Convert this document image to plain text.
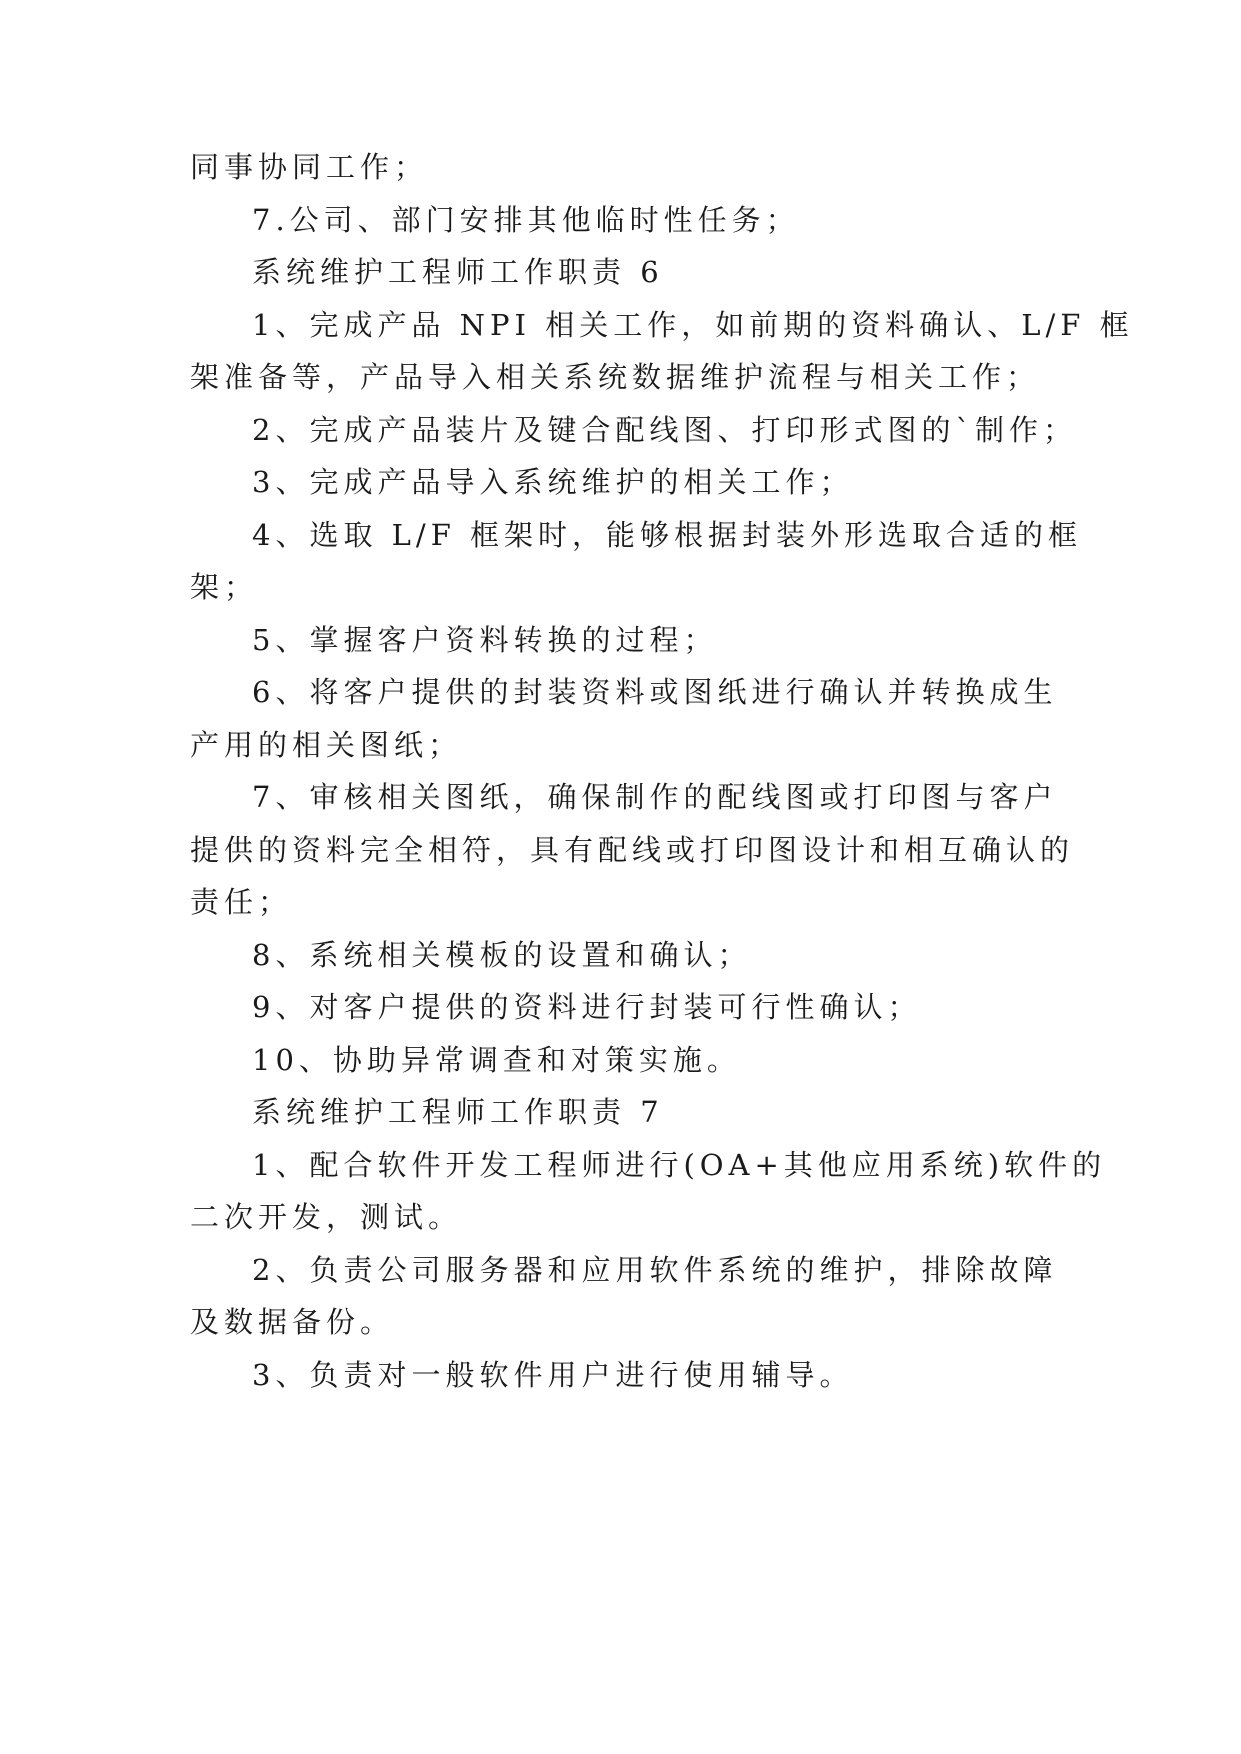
同事协同工作；
7.公司、部门安排其他临时性任务；
系统维护工程师工作职责 6
1、完成产品 NPI 相关工作，如前期的资料确认、L/F 框
架准备等，产品导入相关系统数据维护流程与相关工作；
2、完成产品装片及键合配线图、打印形式图的`制作；
3、完成产品导入系统维护的相关工作；
4、选取 L/F 框架时，能够根据封装外形选取合适的框
架；
5、掌握客户资料转换的过程；
6、将客户提供的封装资料或图纸进行确认并转换成生
产用的相关图纸；
7、审核相关图纸，确保制作的配线图或打印图与客户
提供的资料完全相符，具有配线或打印图设计和相互确认的
责任；
8、系统相关模板的设置和确认；
9、对客户提供的资料进行封装可行性确认；
10、协助异常调查和对策实施。
系统维护工程师工作职责 7
1、配合软件开发工程师进行(OA+其他应用系统)软件的
二次开发，测试。
2、负责公司服务器和应用软件系统的维护，排除故障
及数据备份。
3、负责对一般软件用户进行使用辅导。
